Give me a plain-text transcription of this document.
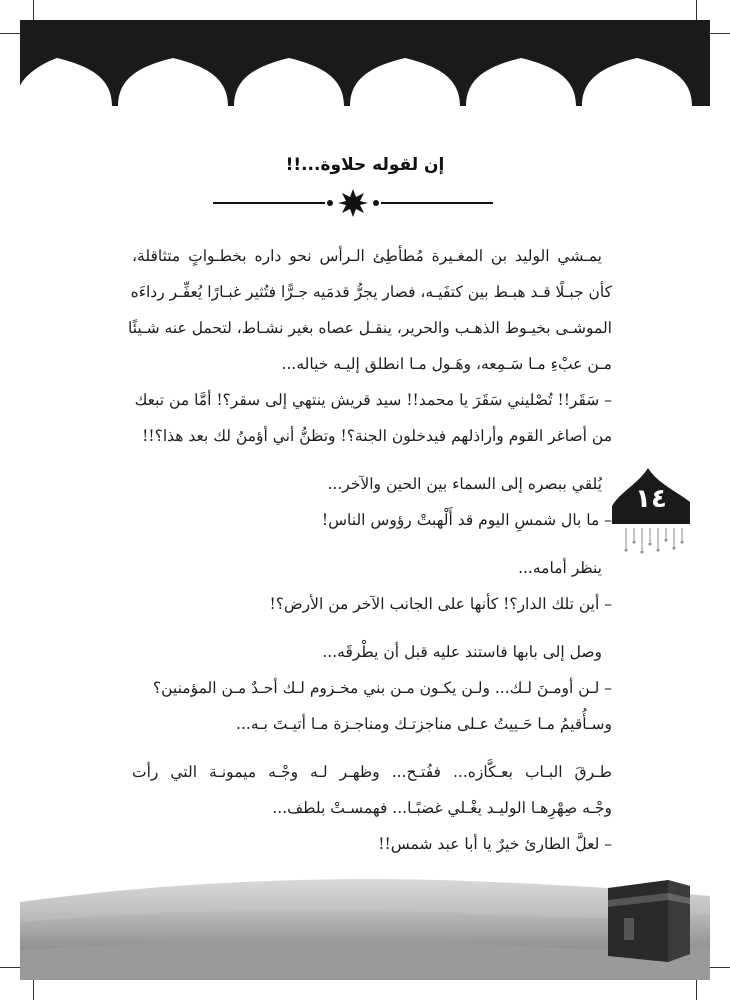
إن لقوله حلاوة...!!
يمـشي الوليد بن المغـيرة مُطأطِئ الـرأس نحو داره بخطـواتٍ متثاقلة،
كأن جبـلًا قـد هبـط بين كتفَيـه، فصار يجرُّ قدمَيه جـرًّا فتُثير غبـارًا يُعفِّـر رداءَه
الموشـى بخيـوط الذهـب والحرير، ينقـل عصاه بغير نشـاط، لتحمل عنه شـيئًا
مـن عبْءِ مـا سَـمِعه، وهَـول مـا انطلق إليـه خياله...
– سَقَر!! تُصْليني سَقَرَ يا محمد!! سيد قريش ينتهي إلى سقر؟! أمَّا من تبعك
من أصاغر القوم وأراذلهم فيدخلون الجنة؟! وتظنُّ أني أؤمنُ لك بعد هذا؟!!
يُلقي ببصره إلى السماء بين الحين والآخر...
– ما بال شمسِ اليوم قد أَلْهبتْ رؤوس الناس!
ينظر أمامه...
– أين تلك الدار؟! كأنها على الجانب الآخر من الأرض؟!
وصل إلى بابها فاستند عليه قبل أن يطْرقَه...
– لـن أومـنَ لـك... ولـن يكـون مـن بني مخـزوم لـك أحـدٌ مـن المؤمنين؟
وسـأُقيمُ مـا حَـييتُ عـلى مناجزتـك ومناجـزة مـا أتيـتَ بـه...
طـرقَ البـاب بعـكَّازه... ففُتـح... وظهـر لـه وجْـه ميمونـة التي رأت
وجْـه صِهْرِهـا الوليـد يغْـلي غضبًـا... فهمسـتْ بلطف...
– لعلَّ الطارئ خيرٌ يا أبا عبد شمس!!
١٤
